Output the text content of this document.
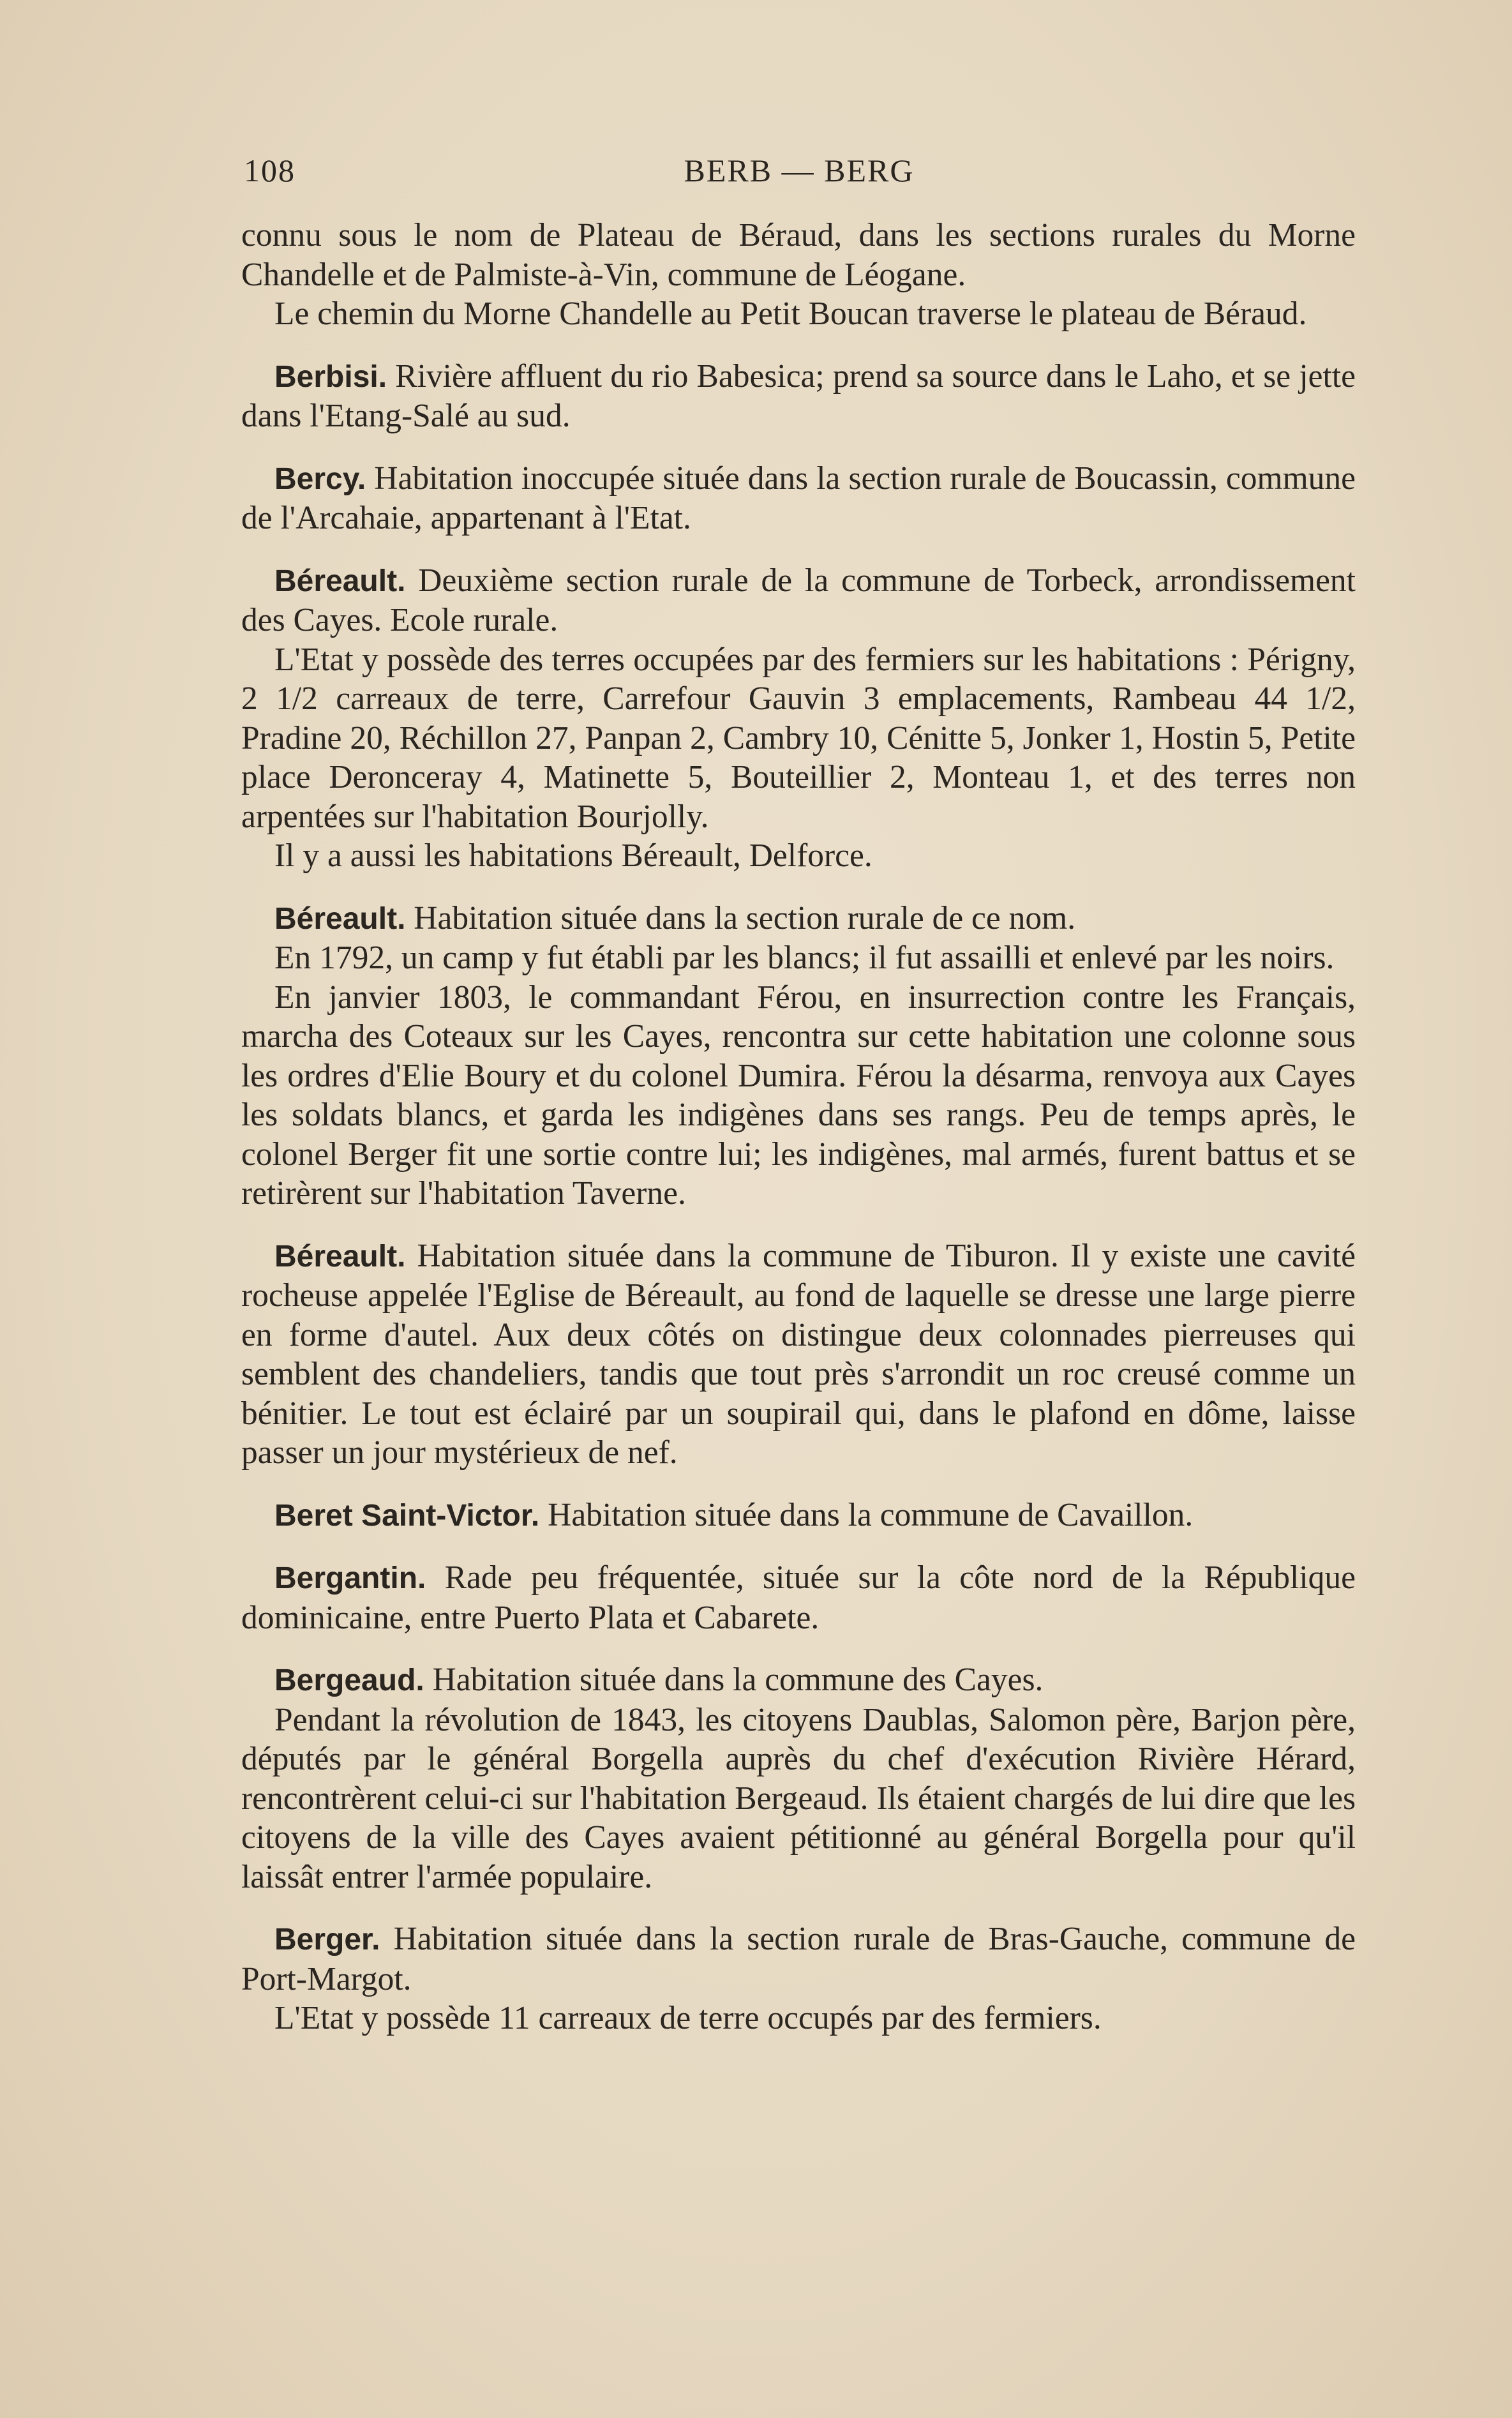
108	BERB — BERG

connu sous le nom de Plateau de Béraud, dans les sections rurales du Morne Chandelle et de Palmiste-à-Vin, commune de Léogane.

Le chemin du Morne Chandelle au Petit Boucan traverse le plateau de Béraud.

Berbisi. Rivière affluent du rio Babesica; prend sa source dans le Laho, et se jette dans l'Etang-Salé au sud.

Bercy. Habitation inoccupée située dans la section rurale de Boucassin, commune de l'Arcahaie, appartenant à l'Etat.

Béreault. Deuxième section rurale de la commune de Torbeck, arrondissement des Cayes. Ecole rurale.

L'Etat y possède des terres occupées par des fermiers sur les habitations : Périgny, 2 1/2 carreaux de terre, Carrefour Gauvin 3 emplacements, Rambeau 44 1/2, Pradine 20, Réchillon 27, Panpan 2, Cambry 10, Cénitte 5, Jonker 1, Hostin 5, Petite place Deronceray 4, Matinette 5, Bouteillier 2, Monteau 1, et des terres non arpentées sur l'habitation Bourjolly.

Il y a aussi les habitations Béreault, Delforce.

Béreault. Habitation située dans la section rurale de ce nom.

En 1792, un camp y fut établi par les blancs; il fut assailli et enlevé par les noirs.

En janvier 1803, le commandant Férou, en insurrection contre les Français, marcha des Coteaux sur les Cayes, rencontra sur cette habitation une colonne sous les ordres d'Elie Boury et du colonel Dumira. Férou la désarma, renvoya aux Cayes les soldats blancs, et garda les indigènes dans ses rangs. Peu de temps après, le colonel Berger fit une sortie contre lui; les indigènes, mal armés, furent battus et se retirèrent sur l'habitation Taverne.

Béreault. Habitation située dans la commune de Tiburon. Il y existe une cavité rocheuse appelée l'Eglise de Béreault, au fond de laquelle se dresse une large pierre en forme d'autel. Aux deux côtés on distingue deux colonnades pierreuses qui semblent des chandeliers, tandis que tout près s'arrondit un roc creusé comme un bénitier. Le tout est éclairé par un soupirail qui, dans le plafond en dôme, laisse passer un jour mystérieux de nef.

Beret Saint-Victor. Habitation située dans la commune de Cavaillon.

Bergantin. Rade peu fréquentée, située sur la côte nord de la République dominicaine, entre Puerto Plata et Cabarete.

Bergeaud. Habitation située dans la commune des Cayes.

Pendant la révolution de 1843, les citoyens Daublas, Salomon père, Barjon père, députés par le général Borgella auprès du chef d'exécution Rivière Hérard, rencontrèrent celui-ci sur l'habitation Bergeaud. Ils étaient chargés de lui dire que les citoyens de la ville des Cayes avaient pétitionné au général Borgella pour qu'il laissât entrer l'armée populaire.

Berger. Habitation située dans la section rurale de Bras-Gauche, commune de Port-Margot.

L'Etat y possède 11 carreaux de terre occupés par des fermiers.
